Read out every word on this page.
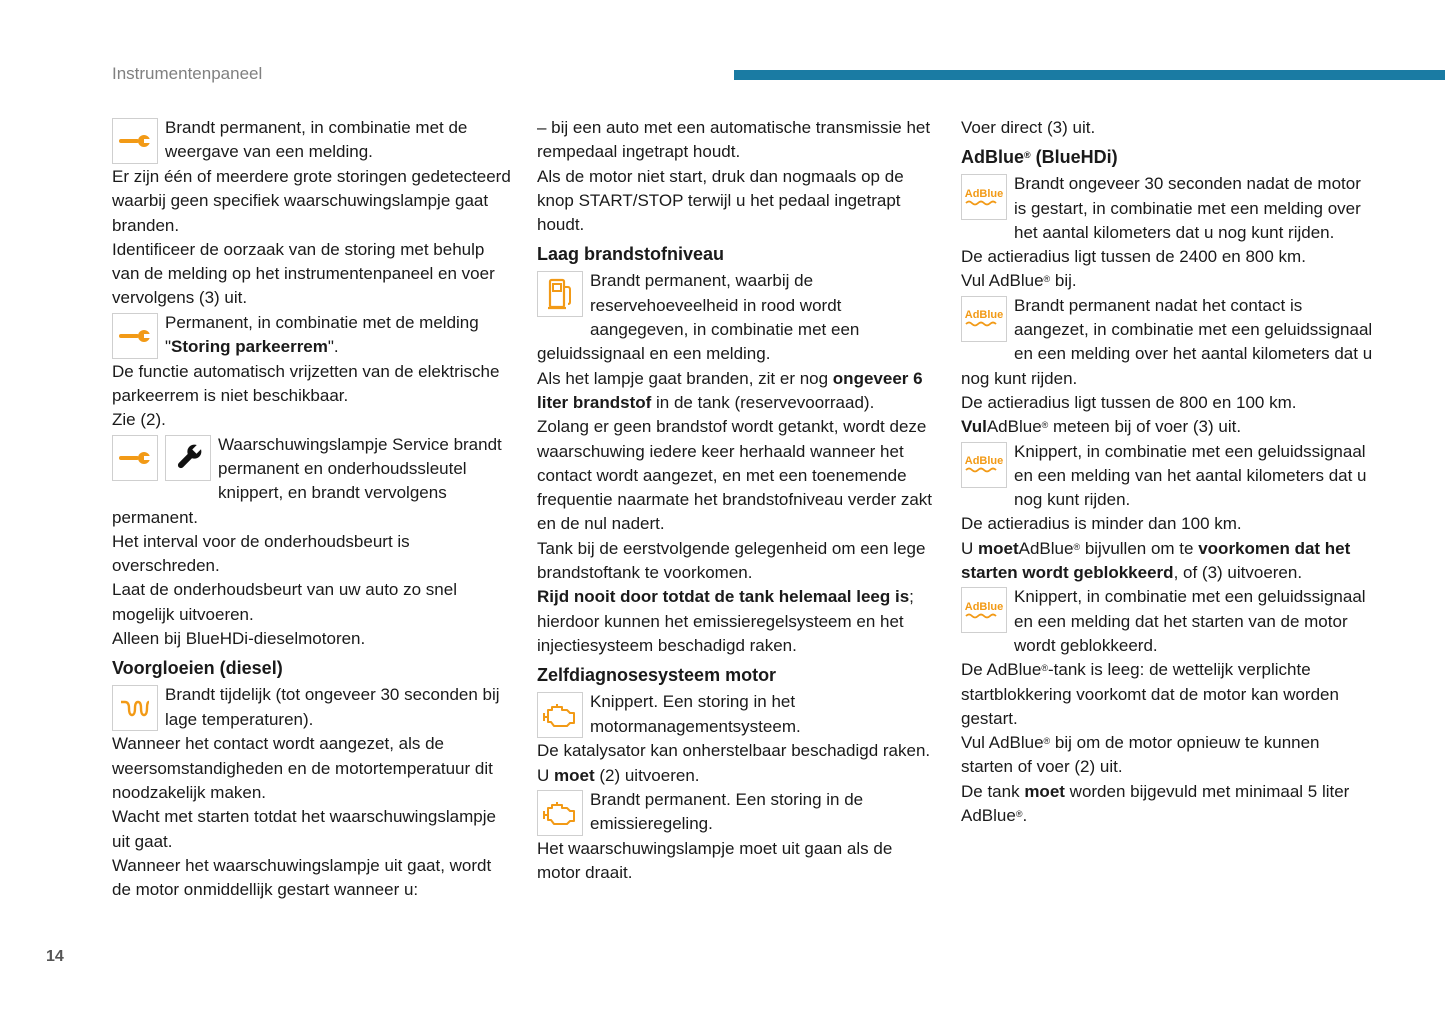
Instrumentenpaneel

Brandt permanent, in combinatie met de weergave van een melding.

Er zijn één of meerdere grote storingen gedetecteerd waarbij geen specifiek waarschuwingslampje gaat branden.

Identificeer de oorzaak van de storing met behulp van de melding op het instrumentenpaneel en voer vervolgens (3) uit.

Permanent, in combinatie met de melding "Storing parkeerrem".

De functie automatisch vrijzetten van de elektrische parkeerrem is niet beschikbaar.

Zie (2).

Waarschuwingslampje Service brandt permanent en onderhoudssleutel knippert, en brandt vervolgens permanent.

Het interval voor de onderhoudsbeurt is overschreden.

Laat de onderhoudsbeurt van uw auto zo snel mogelijk uitvoeren.

Alleen bij BlueHDi-dieselmotoren.

Voorgloeien (diesel)

Brandt tijdelijk (tot ongeveer 30 seconden bij lage temperaturen).

Wanneer het contact wordt aangezet, als de weersomstandigheden en de motortemperatuur dit noodzakelijk maken.

Wacht met starten totdat het waarschuwingslampje uit gaat.

Wanneer het waarschuwingslampje uit gaat, wordt de motor onmiddellijk gestart wanneer u:

– bij een auto met een automatische transmissie het rempedaal ingetrapt houdt.

Als de motor niet start, druk dan nogmaals op de knop START/STOP terwijl u het pedaal ingetrapt houdt.

Laag brandstofniveau

Brandt permanent, waarbij de reservehoeveelheid in rood wordt aangegeven, in combinatie met een geluidssignaal en een melding.

Als het lampje gaat branden, zit er nog ongeveer 6 liter brandstof in de tank (reservevoorraad).

Zolang er geen brandstof wordt getankt, wordt deze waarschuwing iedere keer herhaald wanneer het contact wordt aangezet, en met een toenemende frequentie naarmate het brandstofniveau verder zakt en de nul nadert.

Tank bij de eerstvolgende gelegenheid om een lege brandstoftank te voorkomen.

Rijd nooit door totdat de tank helemaal leeg is; hierdoor kunnen het emissieregelsysteem en het injectiesysteem beschadigd raken.

Zelfdiagnosesysteem motor

Knippert. Een storing in het motormanagementsysteem.

De katalysator kan onherstelbaar beschadigd raken.

U moet (2) uitvoeren.

Brandt permanent. Een storing in de emissieregeling.

Het waarschuwingslampje moet uit gaan als de motor draait.

Voer direct (3) uit.

AdBlue® (BlueHDi)
AdBlue

Brandt ongeveer 30 seconden nadat de motor is gestart, in combinatie met een melding over het aantal kilometers dat u nog kunt rijden.

De actieradius ligt tussen de 2400 en 800 km.

Vul AdBlue® bij.

AdBlue

Brandt permanent nadat het contact is aangezet, in combinatie met een geluidssignaal en een melding over het aantal kilometers dat u nog kunt rijden.

De actieradius ligt tussen de 800 en 100 km.

VulAdBlue® meteen bij of voer (3) uit.

AdBlue

Knippert, in combinatie met een geluidssignaal en een melding van het aantal kilometers dat u nog kunt rijden.

De actieradius is minder dan 100 km.

U moetAdBlue® bijvullen om te voorkomen dat het starten wordt geblokkeerd, of (3) uitvoeren.

AdBlue

Knippert, in combinatie met een geluidssignaal en een melding dat het starten van de motor wordt geblokkeerd.

De AdBlue®-tank is leeg: de wettelijk verplichte startblokkering voorkomt dat de motor kan worden gestart.

Vul AdBlue® bij om de motor opnieuw te kunnen starten of voer (2) uit.

De tank moet worden bijgevuld met minimaal 5 liter AdBlue®.

14
